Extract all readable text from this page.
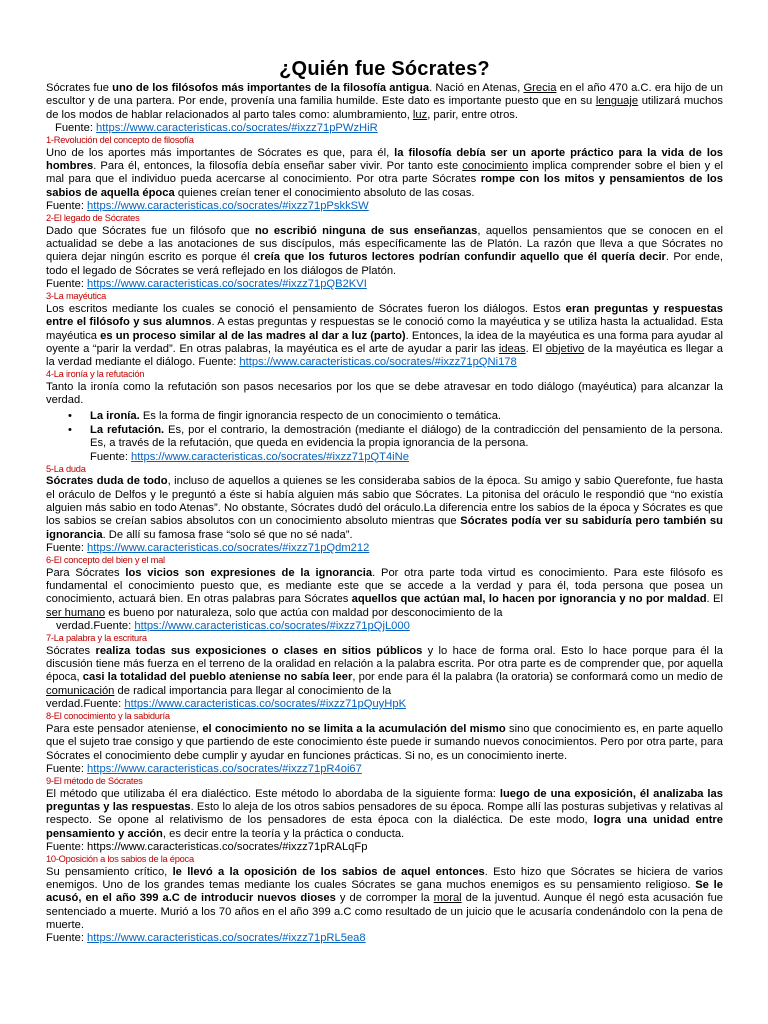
¿Quién fue Sócrates?

Sócrates fue uno de los filósofos más importantes de la filosofía antigua. Nació en Atenas, Grecia en el año 470 a.C. era hijo de un escultor y de una partera. Por ende, provenía una familia humilde. Este dato es importante puesto que en su lenguaje utilizará muchos de los modos de hablar relacionados al parto tales como: alumbramiento, luz, parir, entre otros.

Fuente: https://www.caracteristicas.co/socrates/#ixzz71pPWzHiR
1-Revolución del concepto de filosofía

Uno de los aportes más importantes de Sócrates es que, para él, la filosofía debía ser un aporte práctico para la vida de los hombres. Para él, entonces, la filosofía debía enseñar saber vivir. Por tanto este conocimiento implica comprender sobre el bien y el mal para que el individuo pueda acercarse al conocimiento. Por otra parte Sócrates rompe con los mitos y pensamientos de los sabios de aquella época quienes creían tener el conocimiento absoluto de las cosas.

Fuente: https://www.caracteristicas.co/socrates/#ixzz71pPskkSW
2-El legado de Sócrates

Dado que Sócrates fue un filósofo que no escribió ninguna de sus enseñanzas, aquellos pensamientos que se conocen en el actualidad se debe a las anotaciones de sus discípulos, más específicamente las de Platón. La razón que lleva a que Sócrates no quiera dejar ningún escrito es porque él creía que los futuros lectores podrían confundir aquello que él quería decir. Por ende, todo el legado de Sócrates se verá reflejado en los diálogos de Platón.

Fuente: https://www.caracteristicas.co/socrates/#ixzz71pQB2KVI
3-La mayéutica

Los escritos mediante los cuales se conoció el pensamiento de Sócrates fueron los diálogos. Estos eran preguntas y respuestas entre el filósofo y sus alumnos. A estas preguntas y respuestas se le conoció como la mayéutica y se utiliza hasta la actualidad. Esta mayéutica es un proceso similar al de las madres al dar a luz (parto). Entonces, la idea de la mayéutica es una forma para ayudar al oyente a “parir la verdad”. En otras palabras, la mayéutica es el arte de ayudar a parir las ideas. El objetivo de la mayéutica es llegar a la verdad mediante el diálogo. Fuente: https://www.caracteristicas.co/socrates/#ixzz71pQNi178

4-La ironía y la refutación

Tanto la ironía como la refutación son pasos necesarios por los que se debe atravesar en todo diálogo (mayéutica) para alcanzar la verdad.

• La ironía. Es la forma de fingir ignorancia respecto de un conocimiento o temática.
• La refutación. Es, por el contrario, la demostración (mediante el diálogo) de la contradicción del pensamiento de la persona. Es, a través de la refutación, que queda en evidencia la propia ignorancia de la persona.
Fuente: https://www.caracteristicas.co/socrates/#ixzz71pQT4iNe
5-La duda

Sócrates duda de todo, incluso de aquellos a quienes se les consideraba sabios de la época. Su amigo y sabio Querefonte, fue hasta el oráculo de Delfos y le preguntó a éste si había alguien más sabio que Sócrates. La pitonisa del oráculo le respondió que “no existía alguien más sabio en todo Atenas”. No obstante, Sócrates dudó del oráculo.La diferencia entre los sabios de la época y Sócrates es que los sabios se creían sabios absolutos con un conocimiento absoluto mientras que Sócrates podía ver su sabiduría pero también su ignorancia. De allí su famosa frase “solo sé que no sé nada”.

Fuente: https://www.caracteristicas.co/socrates/#ixzz71pQdm212
6-El concepto del bien y el mal

Para Sócrates los vicios son expresiones de la ignorancia. Por otra parte toda virtud es conocimiento. Para este filósofo es fundamental el conocimiento puesto que, es mediante este que se accede a la verdad y para él, toda persona que posea un conocimiento, actuará bien. En otras palabras para Sócrates aquellos que actúan mal, lo hacen por ignorancia y no por maldad. El ser humano es bueno por naturaleza, solo que actúa con maldad por desconocimiento de la

verdad.Fuente: https://www.caracteristicas.co/socrates/#ixzz71pQjL000
7-La palabra y la escritura

Sócrates realiza todas sus exposiciones o clases en sitios públicos y lo hace de forma oral. Esto lo hace porque para él la discusión tiene más fuerza en el terreno de la oralidad en relación a la palabra escrita. Por otra parte es de comprender que, por aquella época, casi la totalidad del pueblo ateniense no sabía leer, por ende para él la palabra (la oratoria) se conformará como un medio de comunicación de radical importancia para llegar al conocimiento de la

verdad.Fuente: https://www.caracteristicas.co/socrates/#ixzz71pQuyHpK
8-El conocimiento y la sabiduría

Para este pensador ateniense, el conocimiento no se limita a la acumulación del mismo sino que conocimiento es, en parte aquello que el sujeto trae consigo y que partiendo de este conocimiento éste puede ir sumando nuevos conocimientos. Pero por otra parte, para Sócrates el conocimiento debe cumplir y ayudar en funciones prácticas. Si no, es un conocimiento inerte.

Fuente: https://www.caracteristicas.co/socrates/#ixzz71pR4oi67
9-El método de Sócrates

El método que utilizaba él era dialéctico. Este método lo abordaba de la siguiente forma: luego de una exposición, él analizaba las preguntas y las respuestas. Esto lo aleja de los otros sabios pensadores de su época. Rompe allí las posturas subjetivas y relativas al respecto. Se opone al relativismo de los pensadores de esta época con la dialéctica. De este modo, logra una unidad entre pensamiento y acción, es decir entre la teoría y la práctica o conducta.

Fuente: https://www.caracteristicas.co/socrates/#ixzz71pRALqFp
10-Oposición a los sabios de la época

Su pensamiento crítico, le llevó a la oposición de los sabios de aquel entonces. Esto hizo que Sócrates se hiciera de varios enemigos. Uno de los grandes temas mediante los cuales Sócrates se gana muchos enemigos es su pensamiento religioso. Se le acusó, en el año 399 a.C de introducir nuevos dioses y de corromper la moral de la juventud. Aunque él negó esta acusación fue sentenciado a muerte. Murió a los 70 años en el año 399 a.C como resultado de un juicio que le acusaría condenándolo con la pena de muerte.

Fuente: https://www.caracteristicas.co/socrates/#ixzz71pRL5ea8
